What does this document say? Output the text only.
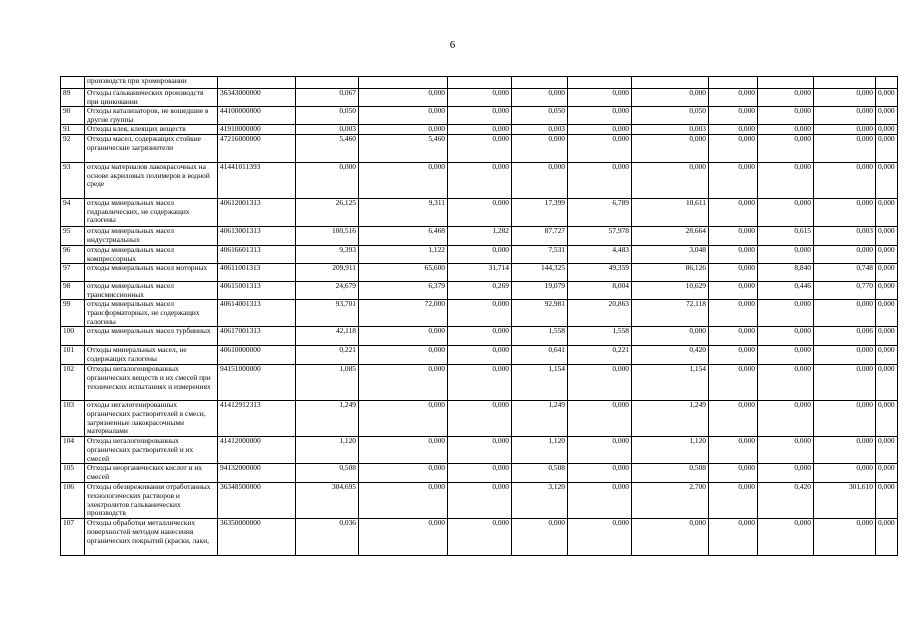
6
	производств при хромировании											
89	Отходы гальванических производств при цинковании	36343000000	0,067	0,000	0,000	0,000	0,000	0,000	0,000	0,000	0,000	0,000
90	Отходы катализаторов, не вошедшие в другие группы	44100000000	0,050	0,000	0,000	0,050	0,000	0,050	0,000	0,000	0,000	0,000
91	Отходы клея, клеящих веществ	41910000000	0,003	0,000	0,000	0,003	0,000	0,003	0,000	0,000	0,000	0,000
92	Отходы масел, содержащих стойкие органические загрязнители	47216000000	5,460	5,460	0,000	0,000	0,000	0,000	0,000	0,000	0,000	0,000
93	отходы материалов лакокрасочных на основе акриловых полимеров в водной среде	41441011393	0,000	0,000	0,000	0,000	0,000	0,000	0,000	0,000	0,000	0,000
94	отходы минеральных масел гидравлических, не содержащих галогены	40612001313	26,125	9,311	0,000	17,399	6,789	10,611	0,000	0,000	0,000	0,000
95	отходы минеральных масел индустриальных	40613001313	100,516	6,468	1,282	87,727	57,978	28,664	0,000	0,615	0,003	0,000
96	отходы минеральных масел компрессорных	40616601313	9,393	1,122	0,000	7,531	4,483	3,048	0,000	0,000	0,000	0,000
97	отходы минеральных масел моторных	40611001313	209,911	65,600	31,714	144,325	49,359	86,126	0,000	8,840	0,748	0,000
98	отходы минеральных масел трансмиссионных	40615001313	24,679	6,379	0,269	19,079	8,004	10,629	0,000	0,446	0,770	0,000
99	отходы минеральных масел трансформаторных, не содержащих галогены	40614001313	93,701	72,000	0,000	92,981	20,863	72,118	0,000	0,000	0,000	0,000
100	отходы минеральных масел турбинных	40617001313	42,118	0,000	0,000	1,558	1,558	0,000	0,000	0,000	0,006	0,000
101	Отходы минеральных масел, не содержащих галогены	40610000000	0,221	0,000	0,000	0,641	0,221	0,420	0,000	0,000	0,000	0,000
102	Отходы негалогенированных органических веществ и их смесей при технических испытаниях и измерениях	94151000000	1,085	0,000	0,000	1,154	0,000	1,154	0,000	0,000	0,000	0,000
103	отходы негалогенированных органических растворителей в смеси, загрязненные лакокрасочными материалами	41412912313	1,249	0,000	0,000	1,249	0,000	1,249	0,000	0,000	0,000	0,000
104	Отходы негалогенированных органических растворителей и их смесей	41412000000	1,120	0,000	0,000	1,120	0,000	1,120	0,000	0,000	0,000	0,000
105	Отходы неорганических кислот и их смесей	94132000000	0,508	0,000	0,000	0,508	0,000	0,508	0,000	0,000	0,000	0,000
106	Отходы обезвреживания отработанных технологических растворов и электролитов гальванических производств	36348500000	304,695	0,000	0,000	3,120	0,000	2,700	0,000	0,420	301,610	0,000
107	Отходы обработки металлических поверхностей методом нанесения органических покрытий (краски, лаки,	36350000000	0,036	0,000	0,000	0,000	0,000	0,000	0,000	0,000	0,000	0,000
